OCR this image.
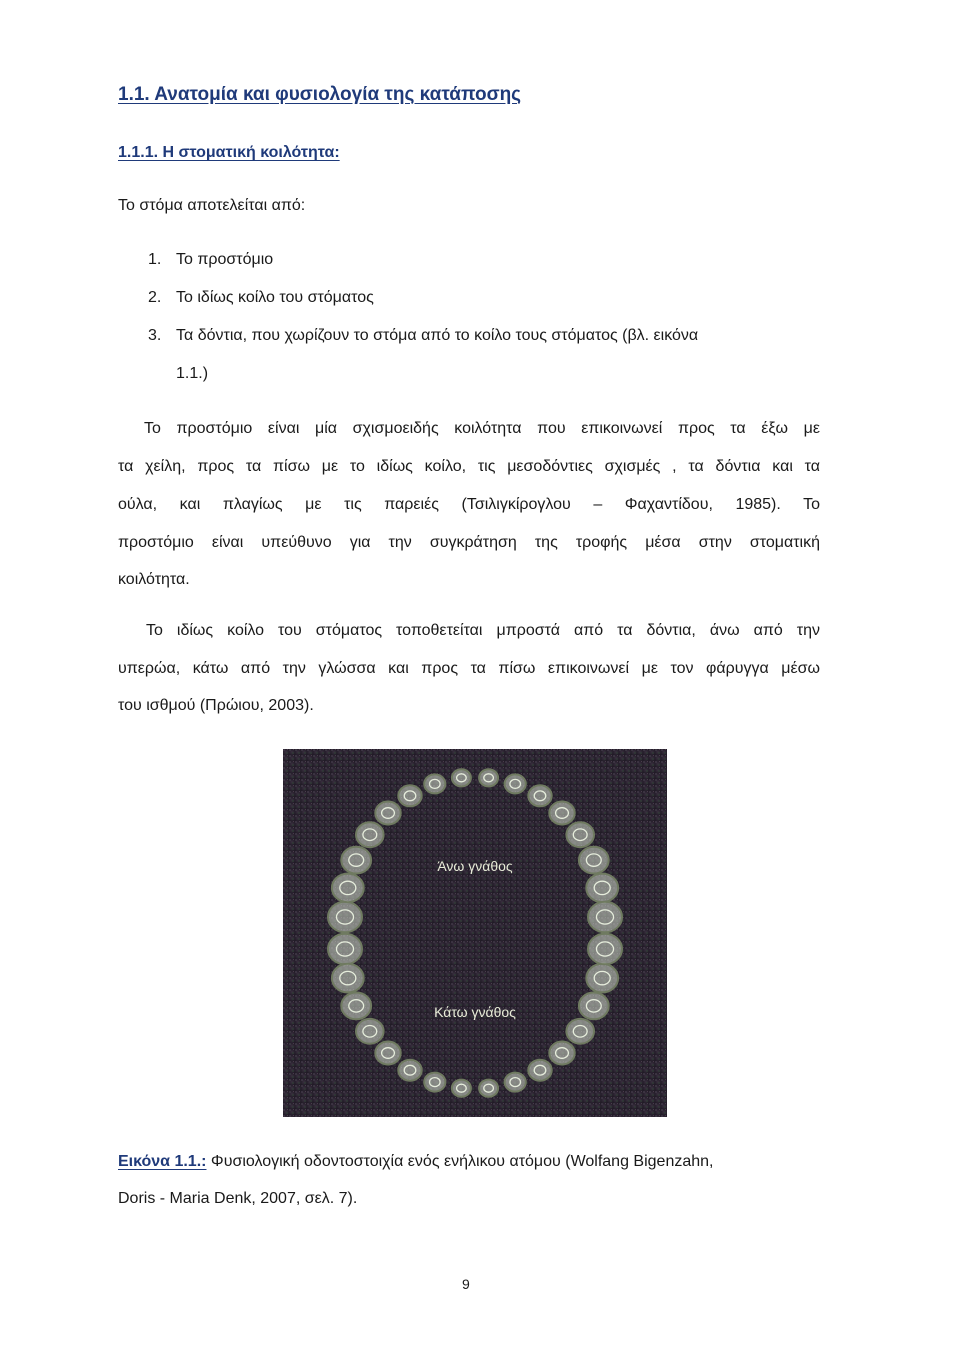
1.1. Ανατομία και φυσιολογία της κατάποσης
1.1.1. Η στοματική κοιλότητα:

Το στόμα αποτελείται από:

1. Το προστόμιο
2. Το ιδίως κοίλο του στόματος
3. Τα δόντια, που χωρίζουν το στόμα από το κοίλο τους στόματος (βλ. εικόνα
1.1.)

Το προστόμιο είναι μία σχισμοειδής κοιλότητα που επικοινωνεί προς τα έξω με

τα χείλη, προς τα πίσω με το ιδίως κοίλο, τις μεσοδόντιες σχισμές , τα δόντια και τα

ούλα, και πλαγίως με τις παρειές (Τσιλιγκίρογλου – Φαχαντίδου, 1985). Το

προστόμιο είναι υπεύθυνο για την συγκράτηση της τροφής μέσα στην στοματική

κοιλότητα.

Το ιδίως κοίλο του στόματος τοποθετείται μπροστά από τα δόντια, άνω από την

υπερώα, κάτω από την γλώσσα και προς τα πίσω επικοινωνεί με τον φάρυγγα μέσω

του ισθμού (Πρώιου, 2003).

Άνω γνάθος
Κάτω γνάθος

Εικόνα 1.1.: Φυσιολογική οδοντοστοιχία ενός ενήλικου ατόμου (Wolfang Bigenzahn,

Doris - Maria Denk, 2007, σελ. 7).

9
